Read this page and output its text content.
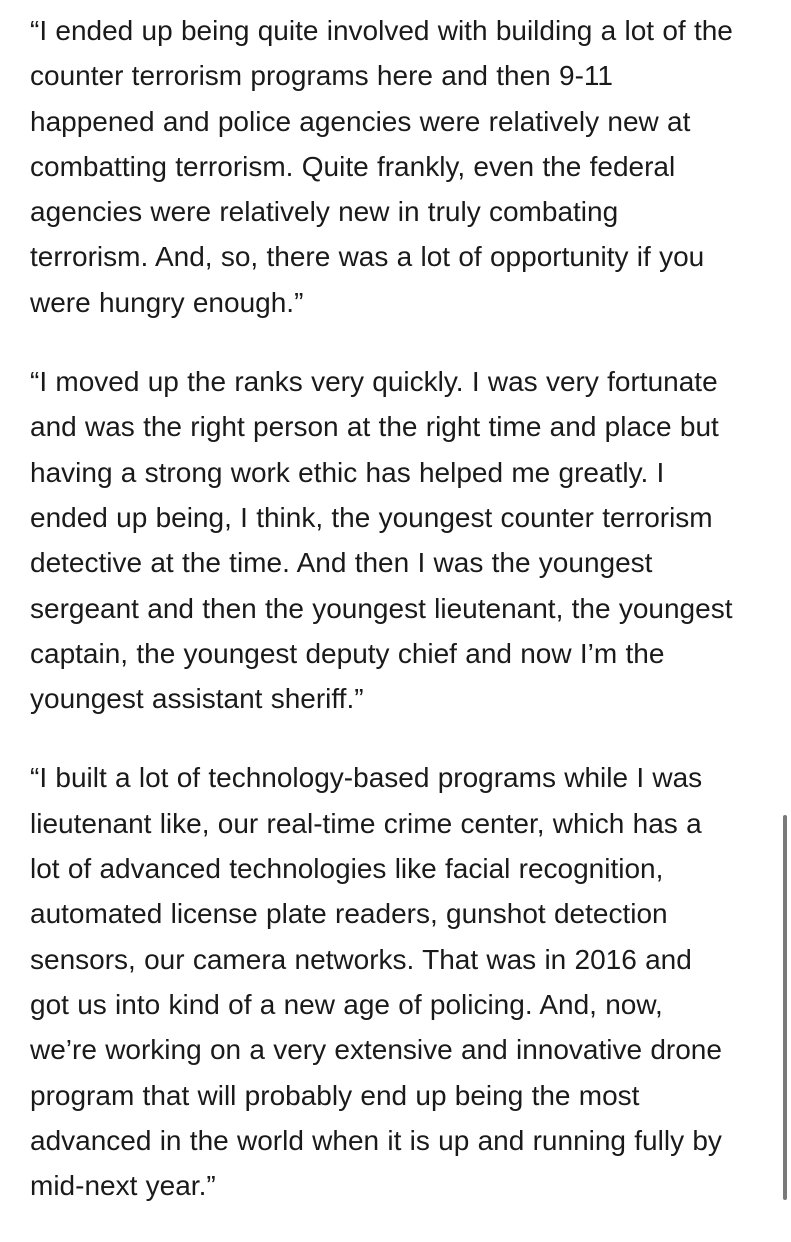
“I ended up being quite involved with building a lot of the
counter terrorism programs here and then 9-11
happened and police agencies were relatively new at
combatting terrorism. Quite frankly, even the federal
agencies were relatively new in truly combating
terrorism. And, so, there was a lot of opportunity if you
were hungry enough.”

“I moved up the ranks very quickly. I was very fortunate
and was the right person at the right time and place but
having a strong work ethic has helped me greatly. I
ended up being, I think, the youngest counter terrorism
detective at the time. And then I was the youngest
sergeant and then the youngest lieutenant, the youngest
captain, the youngest deputy chief and now I’m the
youngest assistant sheriff.”

“I built a lot of technology-based programs while I was
lieutenant like, our real-time crime center, which has a
lot of advanced technologies like facial recognition,
automated license plate readers, gunshot detection
sensors, our camera networks. That was in 2016 and
got us into kind of a new age of policing. And, now,
we’re working on a very extensive and innovative drone
program that will probably end up being the most
advanced in the world when it is up and running fully by
mid-next year.”
